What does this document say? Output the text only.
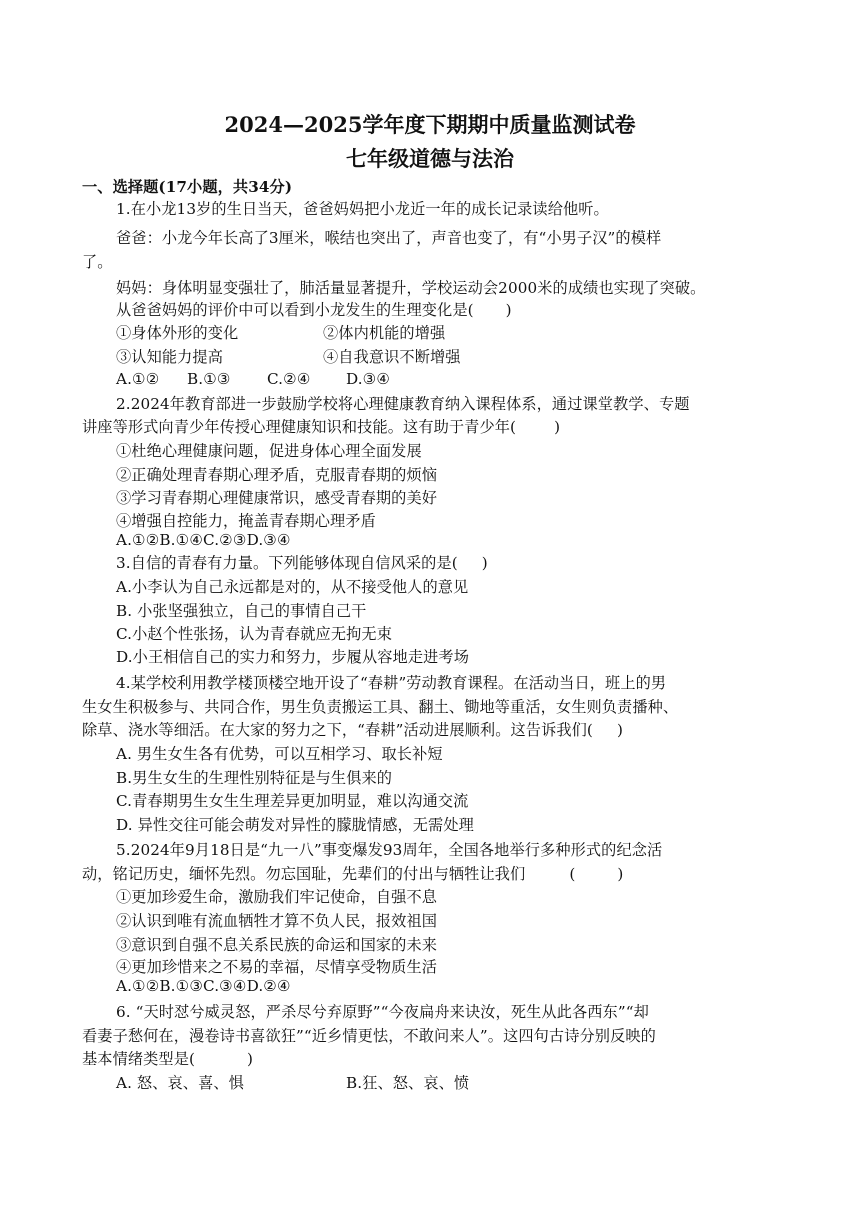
2024—2025学年度下期期中质量监测试卷
七年级道德与法治
一、选择题(17小题，共34分)
1.在小龙13岁的生日当天，爸爸妈妈把小龙近一年的成长记录读给他听。
爸爸：小龙今年长高了3厘米，喉结也突出了，声音也变了，有“小男子汉”的模样
了。
妈妈：身体明显变强壮了，肺活量显著提升，学校运动会2000米的成绩也实现了突破。
从爸爸妈妈的评价中可以看到小龙发生的生理变化是( )
①身体外形的变化	②体内机能的增强
③认知能力提高	④自我意识不断增强
A.①② B.①③ C.②④ D.③④
2.2024年教育部进一步鼓励学校将心理健康教育纳入课程体系，通过课堂教学、专题
讲座等形式向青少年传授心理健康知识和技能。这有助于青少年(	)
①杜绝心理健康问题，促进身体心理全面发展
②正确处理青春期心理矛盾，克服青春期的烦恼
③学习青春期心理健康常识，感受青春期的美好
④增强自控能力，掩盖青春期心理矛盾
A.①②B.①④C.②③D.③④
3.自信的青春有力量。下列能够体现自信风采的是( )
A.小李认为自己永远都是对的，从不接受他人的意见
B. 小张坚强独立，自己的事情自己干
C.小赵个性张扬，认为青春就应无拘无束
D.小王相信自己的实力和努力，步履从容地走进考场
4.某学校利用教学楼顶楼空地开设了“春耕”劳动教育课程。在活动当日，班上的男
生女生积极参与、共同合作，男生负责搬运工具、翻土、锄地等重活，女生则负责播种、
除草、浇水等细活。在大家的努力之下，“春耕”活动进展顺利。这告诉我们( )
A. 男生女生各有优势，可以互相学习、取长补短
B.男生女生的生理性别特征是与生俱来的
C.青春期男生女生生理差异更加明显，难以沟通交流
D. 异性交往可能会萌发对异性的朦胧情感，无需处理
5.2024年9月18日是“九一八”事变爆发93周年，全国各地举行多种形式的纪念活
动，铭记历史，缅怀先烈。勿忘国耻，先辈们的付出与牺牲让我们	(	)
①更加珍爱生命，激励我们牢记使命，自强不息
②认识到唯有流血牺牲才算不负人民，报效祖国
③意识到自强不息关系民族的命运和国家的未来
④更加珍惜来之不易的幸福，尽情享受物质生活
A.①②B.①③C.③④D.②④
6. “天时怼兮威灵怒，严杀尽兮弃原野”“今夜扁舟来诀汝，死生从此各西东”“却
看妻子愁何在，漫卷诗书喜欲狂”“近乡情更怯，不敢问来人”。这四句古诗分别反映的
基本情绪类型是(	)
A. 怒、哀、喜、惧	B.狂、怒、哀、愤
